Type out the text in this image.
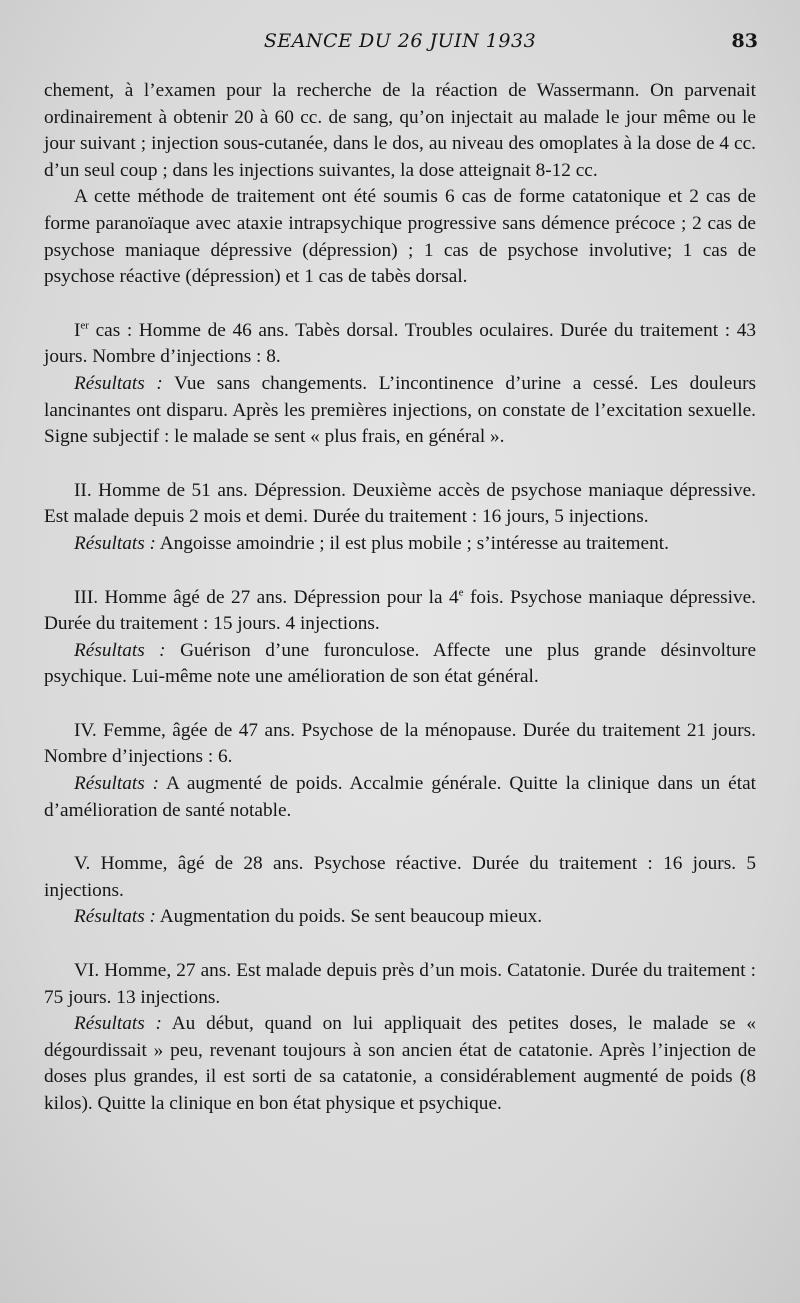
SEANCE DU 26 JUIN 1933	83

chement, à l’examen pour la recherche de la réaction de Wassermann. On parvenait ordinairement à obtenir 20 à 60 cc. de sang, qu’on injectait au malade le jour même ou le jour suivant ; injection sous-cutanée, dans le dos, au niveau des omoplates à la dose de 4 cc. d’un seul coup ; dans les injections suivantes, la dose atteignait 8-12 cc.

A cette méthode de traitement ont été soumis 6 cas de forme catatonique et 2 cas de forme paranoïaque avec ataxie intrapsychique progressive sans démence précoce ; 2 cas de psychose maniaque dépressive (dépression) ; 1 cas de psychose involutive; 1 cas de psychose réactive (dépression) et 1 cas de tabès dorsal.

Ier cas : Homme de 46 ans. Tabès dorsal. Troubles oculaires. Durée du traitement : 43 jours. Nombre d’injections : 8.

Résultats : Vue sans changements. L’incontinence d’urine a cessé. Les douleurs lancinantes ont disparu. Après les premières injections, on constate de l’excitation sexuelle. Signe subjectif : le malade se sent « plus frais, en général ».

II. Homme de 51 ans. Dépression. Deuxième accès de psychose maniaque dépressive. Est malade depuis 2 mois et demi. Durée du traitement : 16 jours, 5 injections.

Résultats : Angoisse amoindrie ; il est plus mobile ; s’intéresse au traitement.

III. Homme âgé de 27 ans. Dépression pour la 4e fois. Psychose maniaque dépressive. Durée du traitement : 15 jours. 4 injections.

Résultats : Guérison d’une furonculose. Affecte une plus grande désinvolture psychique. Lui-même note une amélioration de son état général.

IV. Femme, âgée de 47 ans. Psychose de la ménopause. Durée du traitement 21 jours. Nombre d’injections : 6.

Résultats : A augmenté de poids. Accalmie générale. Quitte la clinique dans un état d’amélioration de santé notable.

V. Homme, âgé de 28 ans. Psychose réactive. Durée du traitement : 16 jours. 5 injections.

Résultats : Augmentation du poids. Se sent beaucoup mieux.

VI. Homme, 27 ans. Est malade depuis près d’un mois. Catatonie. Durée du traitement : 75 jours. 13 injections.

Résultats : Au début, quand on lui appliquait des petites doses, le malade se « dégourdissait » peu, revenant toujours à son ancien état de catatonie. Après l’injection de doses plus grandes, il est sorti de sa catatonie, a considérablement augmenté de poids (8 kilos). Quitte la clinique en bon état physique et psychique.
